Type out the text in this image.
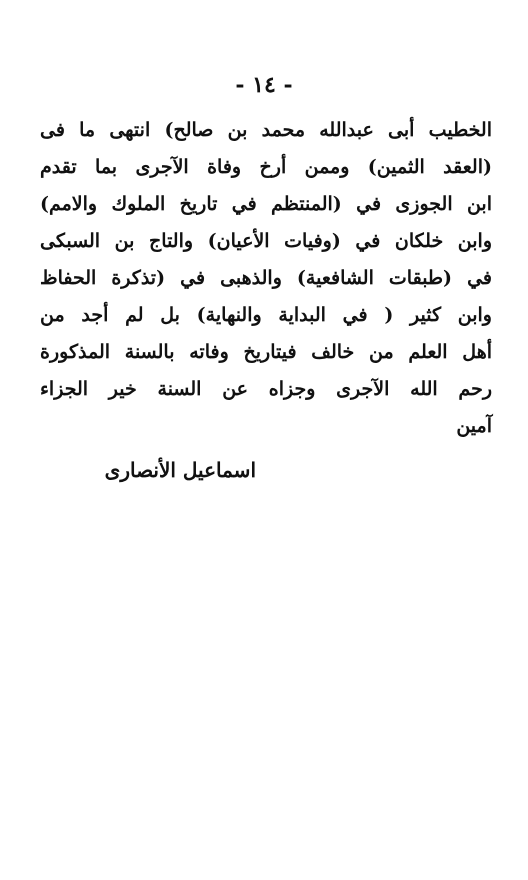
- ١٤ -
الخطيب أبى عبدالله محمد بن صالح) انتهى ما فى
(العقد الثمين) وممن أرخ وفاة الآجرى بما تقدم
ابن الجوزى في (المنتظم في تاريخ الملوك والامم)
وابن خلكان في (وفيات الأعيان) والتاج بن السبكى
في (طبقات الشافعية) والذهبى في (تذكرة الحفاظ
وابن كثير ( في البداية والنهاية) بل لم أجد من
أهل العلم من خالف فيتاريخ وفاته بالسنة المذكورة
رحم الله الآجرى وجزاه عن السنة خير الجزاء
آمين
اسماعيل الأنصارى
